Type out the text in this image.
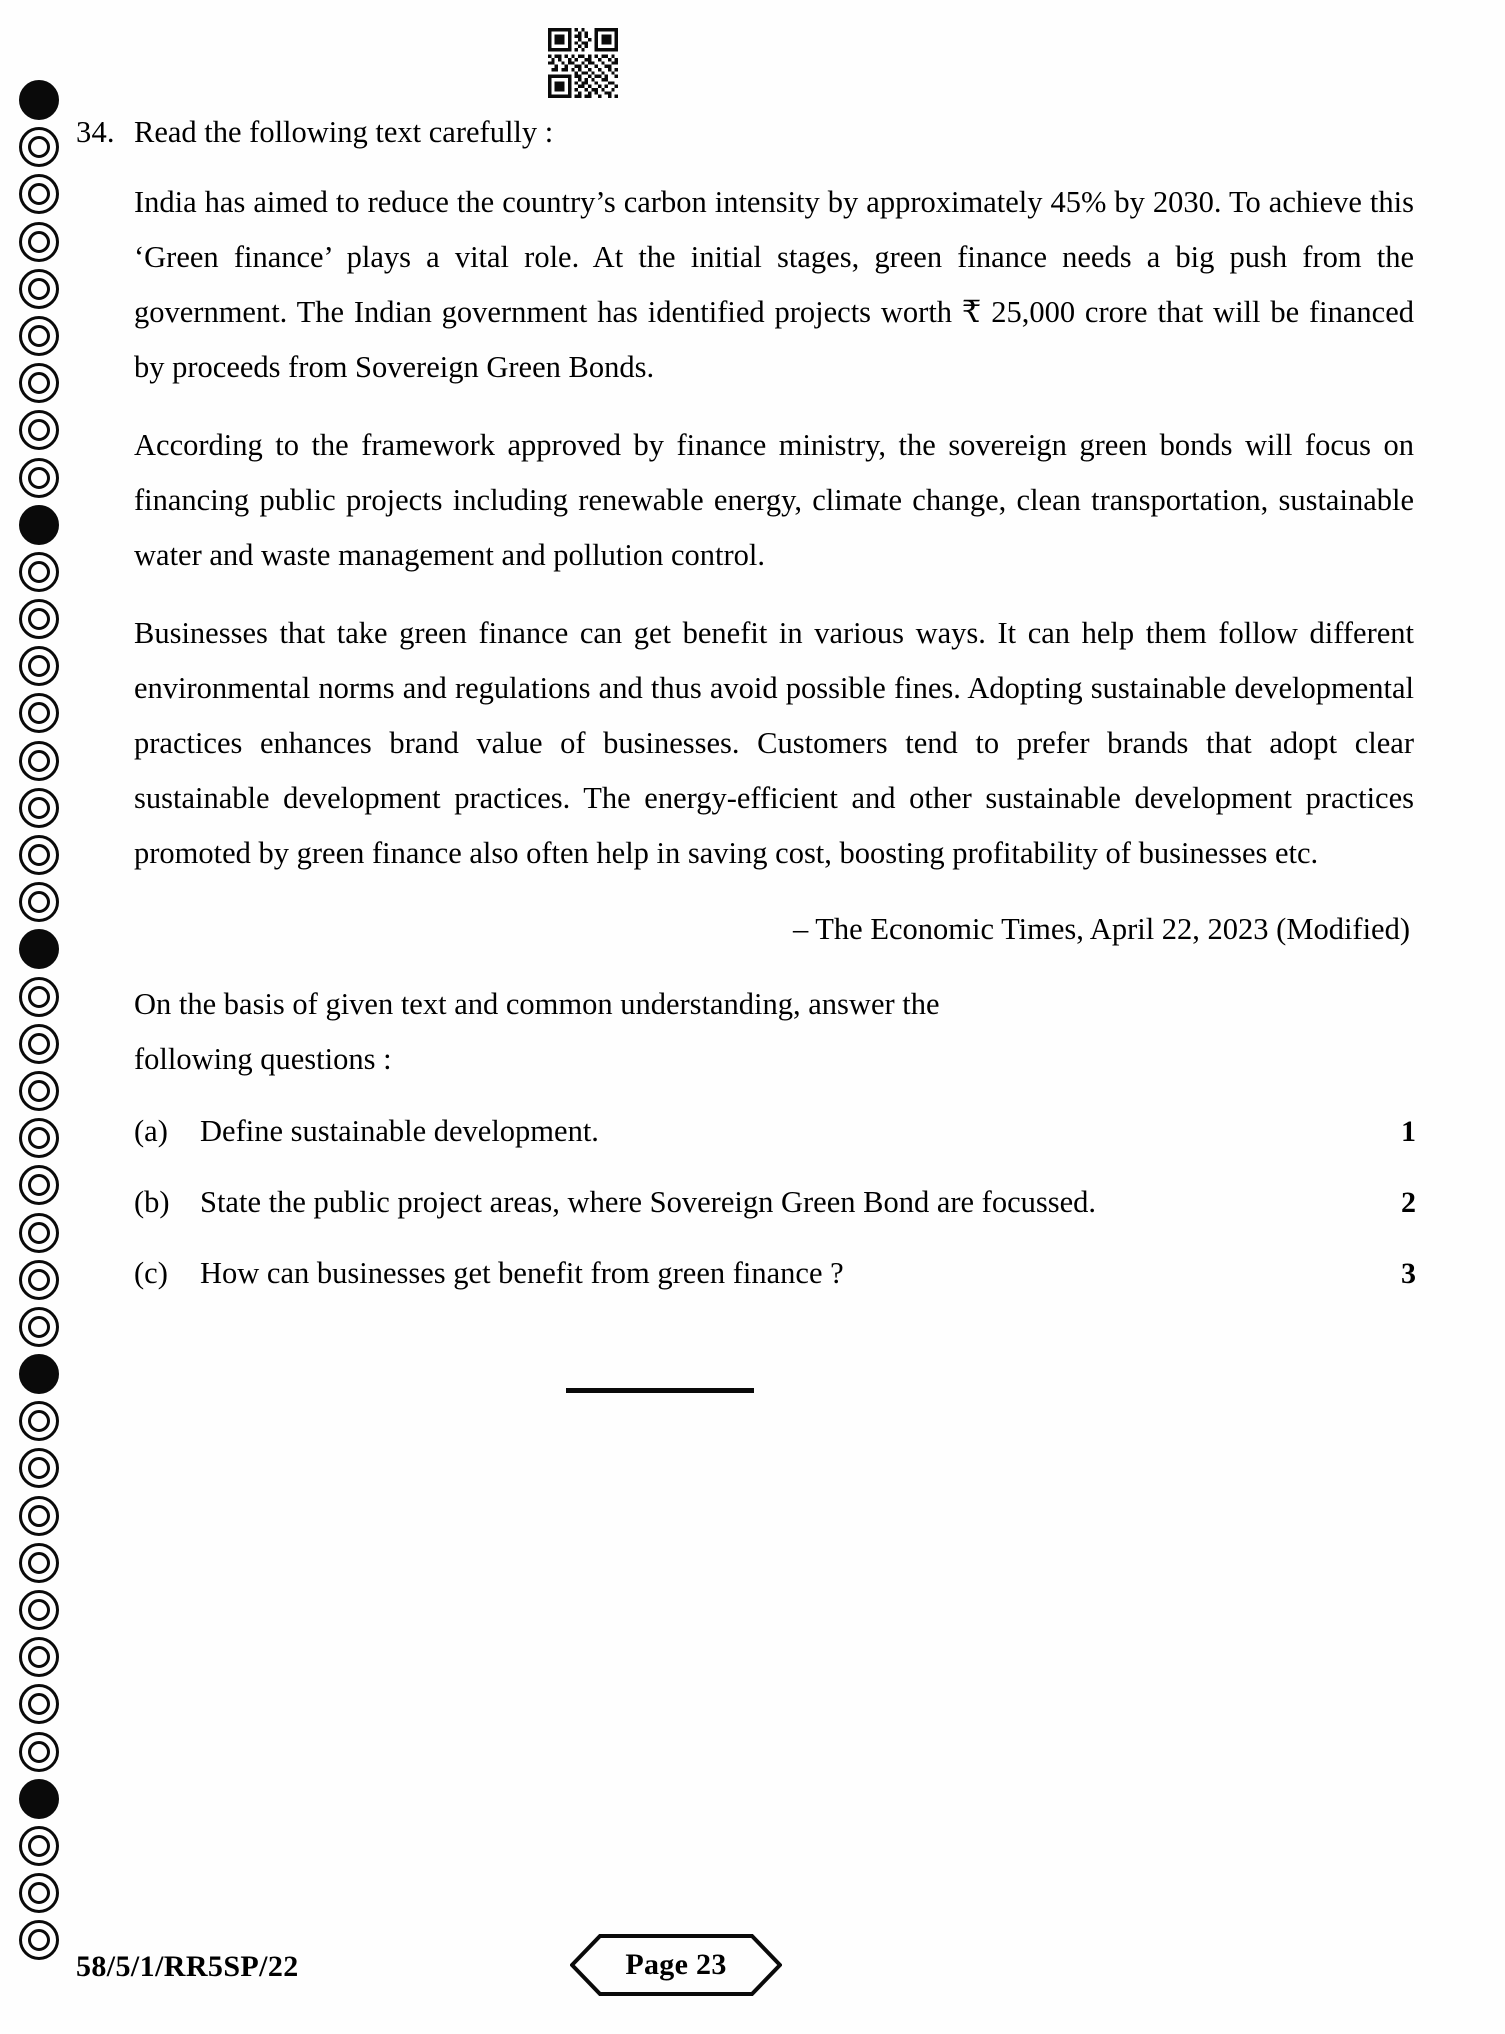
34. Read the following text carefully :
India has aimed to reduce the country’s carbon intensity by approximately 45% by 2030. To achieve this ‘Green finance’ plays a vital role. At the initial stages, green finance needs a big push from the government. The Indian government has identified projects worth ₹ 25,000 crore that will be financed by proceeds from Sovereign Green Bonds.
According to the framework approved by finance ministry, the sovereign green bonds will focus on financing public projects including renewable energy, climate change, clean transportation, sustainable water and waste management and pollution control.
Businesses that take green finance can get benefit in various ways. It can help them follow different environmental norms and regulations and thus avoid possible fines. Adopting sustainable developmental practices enhances brand value of businesses. Customers tend to prefer brands that adopt clear sustainable development practices. The energy-efficient and other sustainable development practices promoted by green finance also often help in saving cost, boosting profitability of businesses etc.
– The Economic Times, April 22, 2023 (Modified)
On the basis of given text and common understanding, answer the
following questions :
(a)	Define sustainable development.	1
(b) State the public project areas, where Sovereign Green Bond are focussed.	2
(c)	How can businesses get benefit from green finance ?	3
58/5/1/RR5SP/22	Page 23
